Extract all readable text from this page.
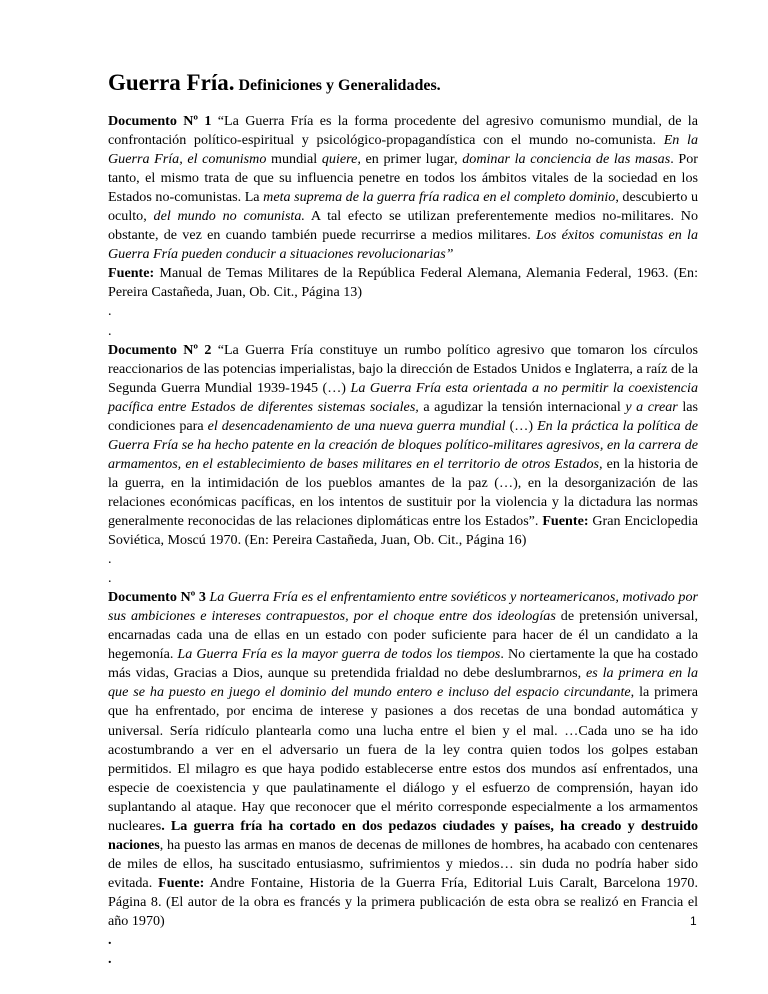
Guerra Fría. Definiciones y Generalidades.

Documento Nº 1 “La Guerra Fría es la forma procedente del agresivo comunismo mundial, de la confrontación político-espiritual y psicológico-propagandística con el mundo no-comunista. En la Guerra Fría, el comunismo mundial quiere, en primer lugar, dominar la conciencia de las masas. Por tanto, el mismo trata de que su influencia penetre en todos los ámbitos vitales de la sociedad en los Estados no-comunistas. La meta suprema de la guerra fría radica en el completo dominio, descubierto u oculto, del mundo no comunista. A tal efecto se utilizan preferentemente medios no-militares. No obstante, de vez en cuando también puede recurrirse a medios militares. Los éxitos comunistas en la Guerra Fría pueden conducir a situaciones revolucionarias”
Fuente: Manual de Temas Militares de la República Federal Alemana, Alemania Federal, 1963. (En: Pereira Castañeda, Juan, Ob. Cit., Página 13)

.
.

Documento Nº 2 “La Guerra Fría constituye un rumbo político agresivo que tomaron los círculos reaccionarios de las potencias imperialistas, bajo la dirección de Estados Unidos e Inglaterra, a raíz de la Segunda Guerra Mundial 1939-1945 (…) La Guerra Fría esta orientada a no permitir la coexistencia pacífica entre Estados de diferentes sistemas sociales, a agudizar la tensión internacional y a crear las condiciones para el desencadenamiento de una nueva guerra mundial (…) En la práctica la política de Guerra Fría se ha hecho patente en la creación de bloques político-militares agresivos, en la carrera de armamentos, en el establecimiento de bases militares en el territorio de otros Estados, en la historia de la guerra, en la intimidación de los pueblos amantes de la paz (…), en la desorganización de las relaciones económicas pacíficas, en los intentos de sustituir por la violencia y la dictadura las normas generalmente reconocidas de las relaciones diplomáticas entre los Estados”. Fuente: Gran Enciclopedia Soviética, Moscú 1970. (En: Pereira Castañeda, Juan, Ob. Cit., Página 16)

.
.

Documento Nº 3 La Guerra Fría es el enfrentamiento entre soviéticos y norteamericanos, motivado por sus ambiciones e intereses contrapuestos, por el choque entre dos ideologías de pretensión universal, encarnadas cada una de ellas en un estado con poder suficiente para hacer de él un candidato a la hegemonía. La Guerra Fría es la mayor guerra de todos los tiempos. No ciertamente la que ha costado más vidas, Gracias a Dios, aunque su pretendida frialdad no debe deslumbrarnos, es la primera en la que se ha puesto en juego el dominio del mundo entero e incluso del espacio circundante, la primera que ha enfrentado, por encima de interese y pasiones a dos recetas de una bondad automática y universal. Sería ridículo plantearla como una lucha entre el bien y el mal. …Cada uno se ha ido acostumbrando a ver en el adversario un fuera de la ley contra quien todos los golpes estaban permitidos. El milagro es que haya podido establecerse entre estos dos mundos así enfrentados, una especie de coexistencia y que paulatinamente el diálogo y el esfuerzo de comprensión, hayan ido suplantando al ataque. Hay que reconocer que el mérito corresponde especialmente a los armamentos nucleares. La guerra fría ha cortado en dos pedazos ciudades y países, ha creado y destruido naciones, ha puesto las armas en manos de decenas de millones de hombres, ha acabado con centenares de miles de ellos, ha suscitado entusiasmo, sufrimientos y miedos… sin duda no podría haber sido evitada. Fuente: Andre Fontaine, Historia de la Guerra Fría, Editorial Luis Caralt, Barcelona 1970. Página 8. (El autor de la obra es francés y la primera publicación de esta obra se realizó en Francia el año 1970)

.
.
1
